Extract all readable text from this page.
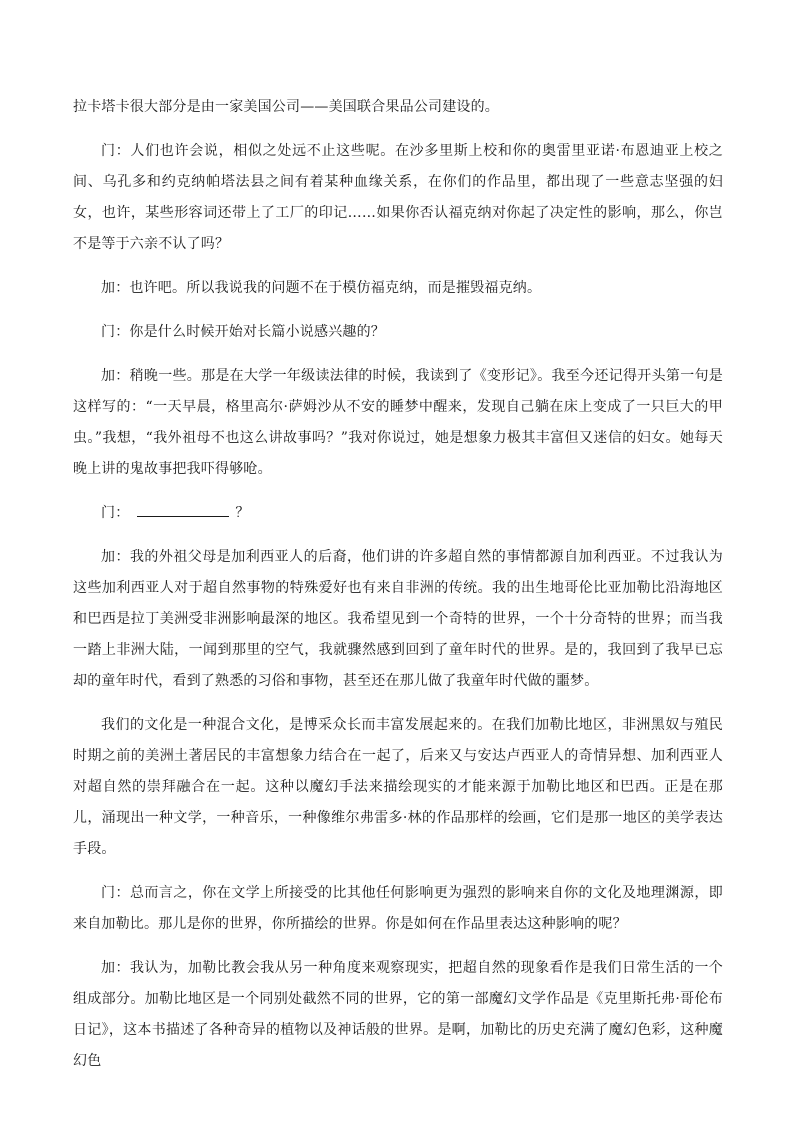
拉卡塔卡很大部分是由一家美国公司——美国联合果品公司建设的。

门：人们也许会说，相似之处远不止这些呢。在沙多里斯上校和你的奥雷里亚诺·布恩迪亚上校之间、乌孔多和约克纳帕塔法县之间有着某种血缘关系，在你们的作品里，都出现了一些意志坚强的妇女，也许，某些形容词还带上了工厂的印记……如果你否认福克纳对你起了决定性的影响，那么，你岂不是等于六亲不认了吗？

加：也许吧。所以我说我的问题不在于模仿福克纳，而是摧毁福克纳。

门：你是什么时候开始对长篇小说感兴趣的？

加：稍晚一些。那是在大学一年级读法律的时候，我读到了《变形记》。我至今还记得开头第一句是这样写的：“一天早晨，格里高尔·萨姆沙从不安的睡梦中醒来，发现自己躺在床上变成了一只巨大的甲虫。”我想，“我外祖母不也这么讲故事吗？”我对你说过，她是想象力极其丰富但又迷信的妇女。她每天晚上讲的鬼故事把我吓得够呛。

门：	？

加：我的外祖父母是加利西亚人的后裔，他们讲的许多超自然的事情都源自加利西亚。不过我认为这些加利西亚人对于超自然事物的特殊爱好也有来自非洲的传统。我的出生地哥伦比亚加勒比沿海地区和巴西是拉丁美洲受非洲影响最深的地区。我希望见到一个奇特的世界，一个十分奇特的世界；而当我一踏上非洲大陆，一闻到那里的空气，我就骤然感到回到了童年时代的世界。是的，我回到了我早已忘却的童年时代，看到了熟悉的习俗和事物，甚至还在那儿做了我童年时代做的噩梦。

我们的文化是一种混合文化，是博采众长而丰富发展起来的。在我们加勒比地区，非洲黑奴与殖民时期之前的美洲土著居民的丰富想象力结合在一起了，后来又与安达卢西亚人的奇情异想、加利西亚人对超自然的崇拜融合在一起。这种以魔幻手法来描绘现实的才能来源于加勒比地区和巴西。正是在那儿，涌现出一种文学，一种音乐，一种像维尔弗雷多·林的作品那样的绘画，它们是那一地区的美学表达手段。

门：总而言之，你在文学上所接受的比其他任何影响更为强烈的影响来自你的文化及地理渊源，即来自加勒比。那儿是你的世界，你所描绘的世界。你是如何在作品里表达这种影响的呢？

加：我认为，加勒比教会我从另一种角度来观察现实，把超自然的现象看作是我们日常生活的一个组成部分。加勒比地区是一个同别处截然不同的世界，它的第一部魔幻文学作品是《克里斯托弗·哥伦布日记》，这本书描述了各种奇异的植物以及神话般的世界。是啊，加勒比的历史充满了魔幻色彩，这种魔幻色
